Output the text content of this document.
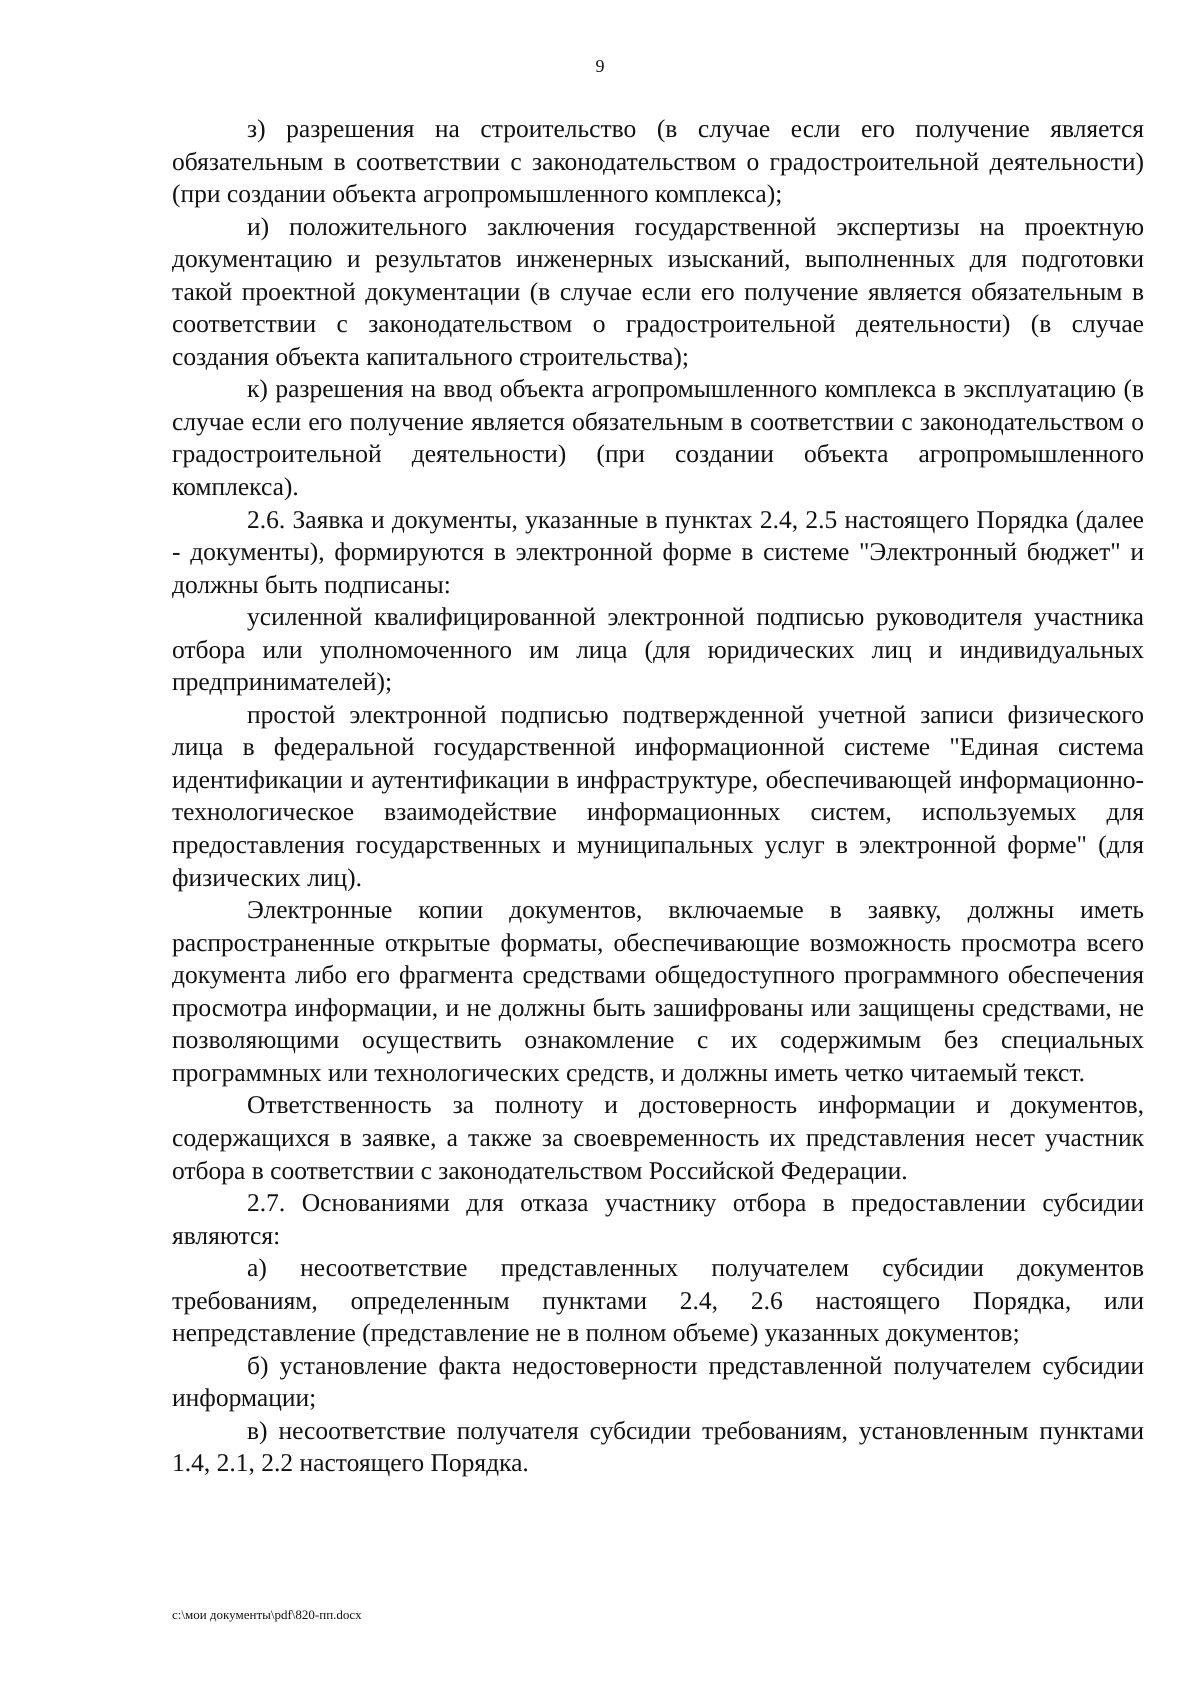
9

з) разрешения на строительство (в случае если его получение является обязательным в соответствии с законодательством о градостроительной деятельности) (при создании объекта агропромышленного комплекса);

и) положительного заключения государственной экспертизы на проектную документацию и результатов инженерных изысканий, выполненных для подготовки такой проектной документации (в случае если его получение является обязательным в соответствии с законодательством о градостроительной деятельности) (в случае создания объекта капитального строительства);

к) разрешения на ввод объекта агропромышленного комплекса в эксплуатацию (в случае если его получение является обязательным в соответствии с законодательством о градостроительной деятельности) (при создании объекта агропромышленного комплекса).

2.6. Заявка и документы, указанные в пунктах 2.4, 2.5 настоящего Порядка (далее - документы), формируются в электронной форме в системе "Электронный бюджет" и должны быть подписаны:

усиленной квалифицированной электронной подписью руководителя участника отбора или уполномоченного им лица (для юридических лиц и индивидуальных предпринимателей);

простой электронной подписью подтвержденной учетной записи физического лица в федеральной государственной информационной системе "Единая система идентификации и аутентификации в инфраструктуре, обеспечивающей информационно-технологическое взаимодействие информационных систем, используемых для предоставления государственных и муниципальных услуг в электронной форме" (для физических лиц).

Электронные копии документов, включаемые в заявку, должны иметь распространенные открытые форматы, обеспечивающие возможность просмотра всего документа либо его фрагмента средствами общедоступного программного обеспечения просмотра информации, и не должны быть зашифрованы или защищены средствами, не позволяющими осуществить ознакомление с их содержимым без специальных программных или технологических средств, и должны иметь четко читаемый текст.

Ответственность за полноту и достоверность информации и документов, содержащихся в заявке, а также за своевременность их представления несет участник отбора в соответствии с законодательством Российской Федерации.

2.7. Основаниями для отказа участнику отбора в предоставлении субсидии являются:

а) несоответствие представленных получателем субсидии документов требованиям, определенным пунктами 2.4, 2.6 настоящего Порядка, или непредставление (представление не в полном объеме) указанных документов;

б) установление факта недостоверности представленной получателем субсидии информации;

в) несоответствие получателя субсидии требованиям, установленным пунктами 1.4, 2.1, 2.2 настоящего Порядка.

c:\мои документы\pdf\820-пп.docx
